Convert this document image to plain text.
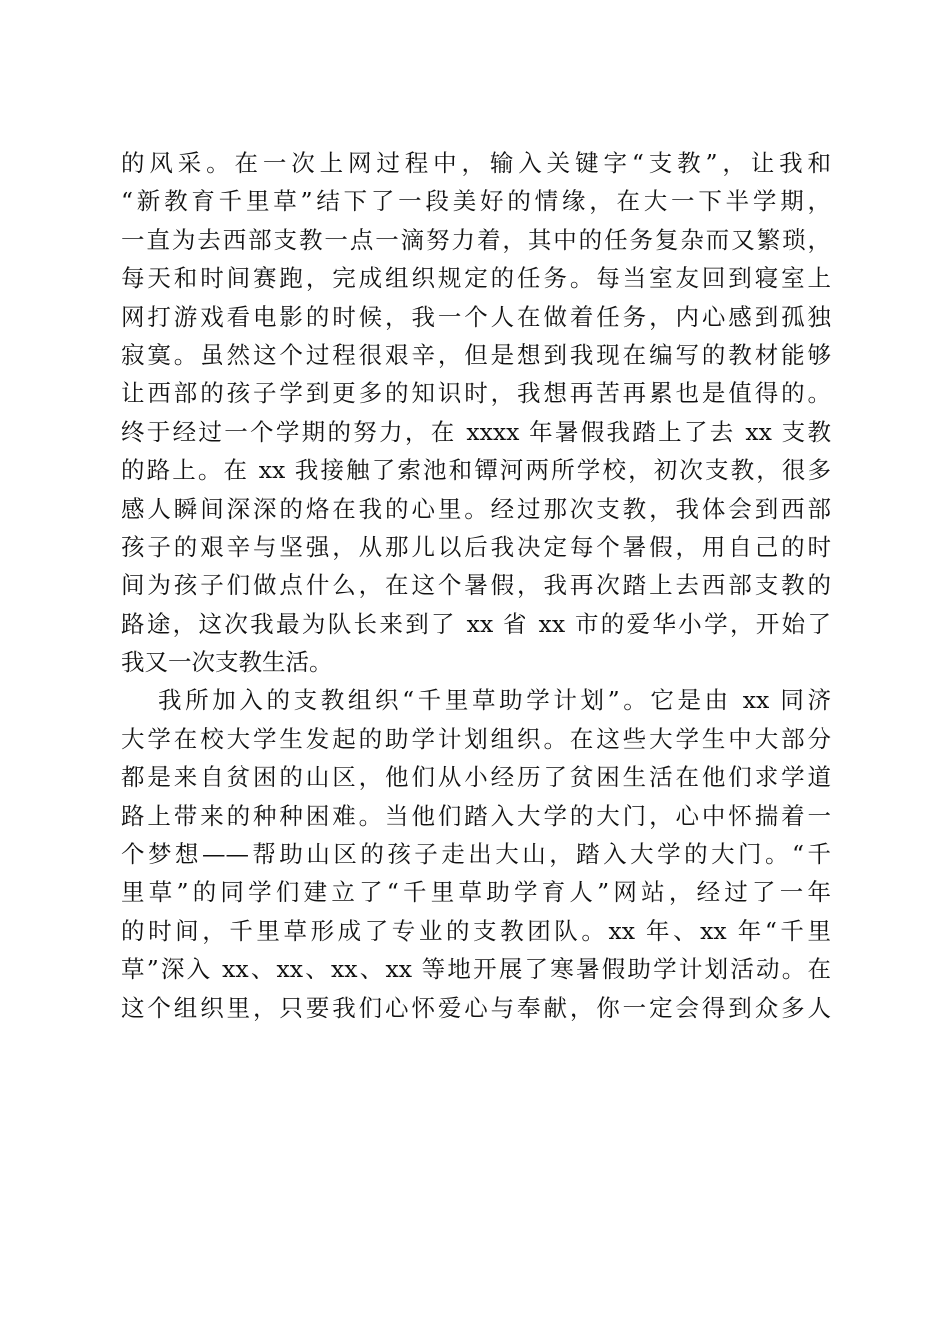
的风采。在一次上网过程中，输入关键字“支教”，让我和
“新教育千里草”结下了一段美好的情缘，在大一下半学期，
一直为去西部支教一点一滴努力着，其中的任务复杂而又繁琐，
每天和时间赛跑，完成组织规定的任务。每当室友回到寝室上
网打游戏看电影的时候，我一个人在做着任务，内心感到孤独
寂寞。虽然这个过程很艰辛，但是想到我现在编写的教材能够
让西部的孩子学到更多的知识时，我想再苦再累也是值得的。
终于经过一个学期的努力，在 xxxx 年暑假我踏上了去 xx 支教
的路上。在 xx 我接触了索池和镡河两所学校，初次支教，很多
感人瞬间深深的烙在我的心里。经过那次支教，我体会到西部
孩子的艰辛与坚强，从那儿以后我决定每个暑假，用自己的时
间为孩子们做点什么，在这个暑假，我再次踏上去西部支教的
路途，这次我最为队长来到了 xx 省 xx 市的爱华小学，开始了
我又一次支教生活。
我所加入的支教组织“千里草助学计划”。它是由 xx 同济
大学在校大学生发起的助学计划组织。在这些大学生中大部分
都是来自贫困的山区，他们从小经历了贫困生活在他们求学道
路上带来的种种困难。当他们踏入大学的大门，心中怀揣着一
个梦想——帮助山区的孩子走出大山，踏入大学的大门。“千
里草”的同学们建立了“千里草助学育人”网站，经过了一年
的时间，千里草形成了专业的支教团队。xx 年、xx 年“千里
草”深入 xx、xx、xx、xx 等地开展了寒暑假助学计划活动。在
这个组织里，只要我们心怀爱心与奉献，你一定会得到众多人
